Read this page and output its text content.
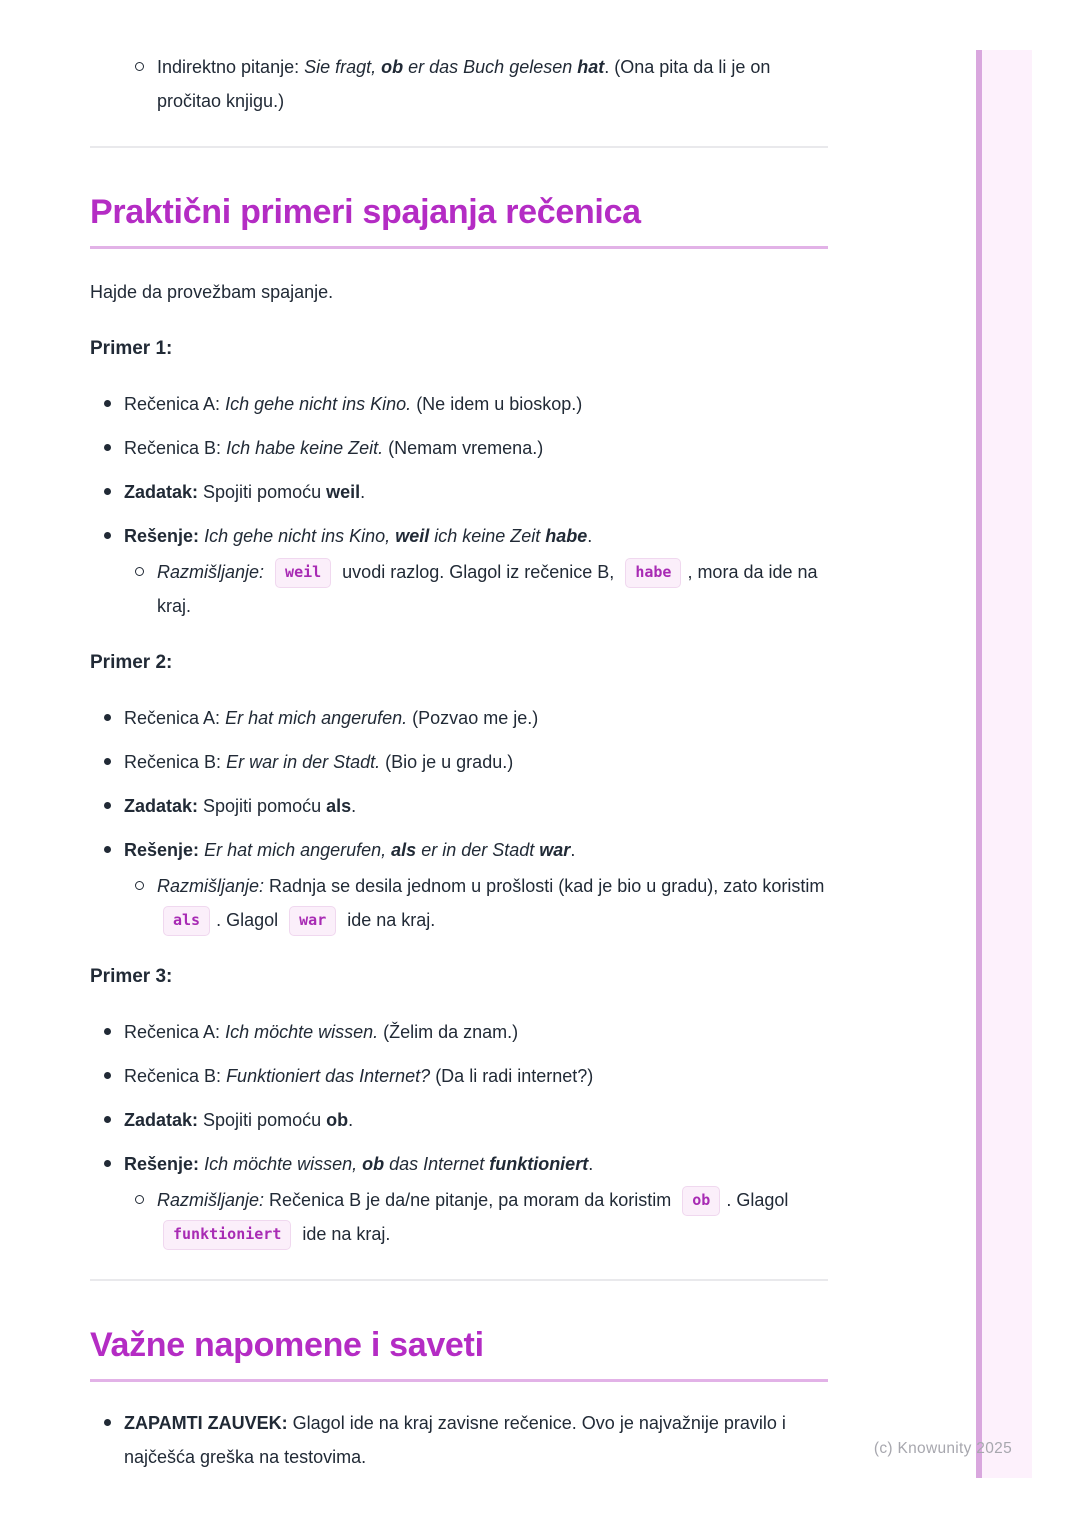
(c) Knowunity 2025
Indirektno pitanje: Sie fragt, ob er das Buch gelesen hat. (Ona pita da li je on pročitao knjigu.)
Praktični primeri spajanja rečenica

Hajde da provežbam spajanje.

Primer 1:
Rečenica A: Ich gehe nicht ins Kino. (Ne idem u bioskop.)
Rečenica B: Ich habe keine Zeit. (Nemam vremena.)
Zadatak: Spojiti pomoću weil.
Rešenje: Ich gehe nicht ins Kino, weil ich keine Zeit habe.
Razmišljanje: weil uvodi razlog. Glagol iz rečenice B, habe , mora da ide na kraj.
Primer 2:
Rečenica A: Er hat mich angerufen. (Pozvao me je.)
Rečenica B: Er war in der Stadt. (Bio je u gradu.)
Zadatak: Spojiti pomoću als.
Rešenje: Er hat mich angerufen, als er in der Stadt war.
Razmišljanje: Radnja se desila jednom u prošlosti (kad je bio u gradu), zato koristim als . Glagol war ide na kraj.
Primer 3:
Rečenica A: Ich möchte wissen. (Želim da znam.)
Rečenica B: Funktioniert das Internet? (Da li radi internet?)
Zadatak: Spojiti pomoću ob.
Rešenje: Ich möchte wissen, ob das Internet funktioniert.
Razmišljanje: Rečenica B je da/ne pitanje, pa moram da koristim ob . Glagol funktioniert ide na kraj.
Važne napomene i saveti
ZAPAMTI ZAUVEK: Glagol ide na kraj zavisne rečenice. Ovo je najvažnije pravilo i najčešća greška na testovima.
